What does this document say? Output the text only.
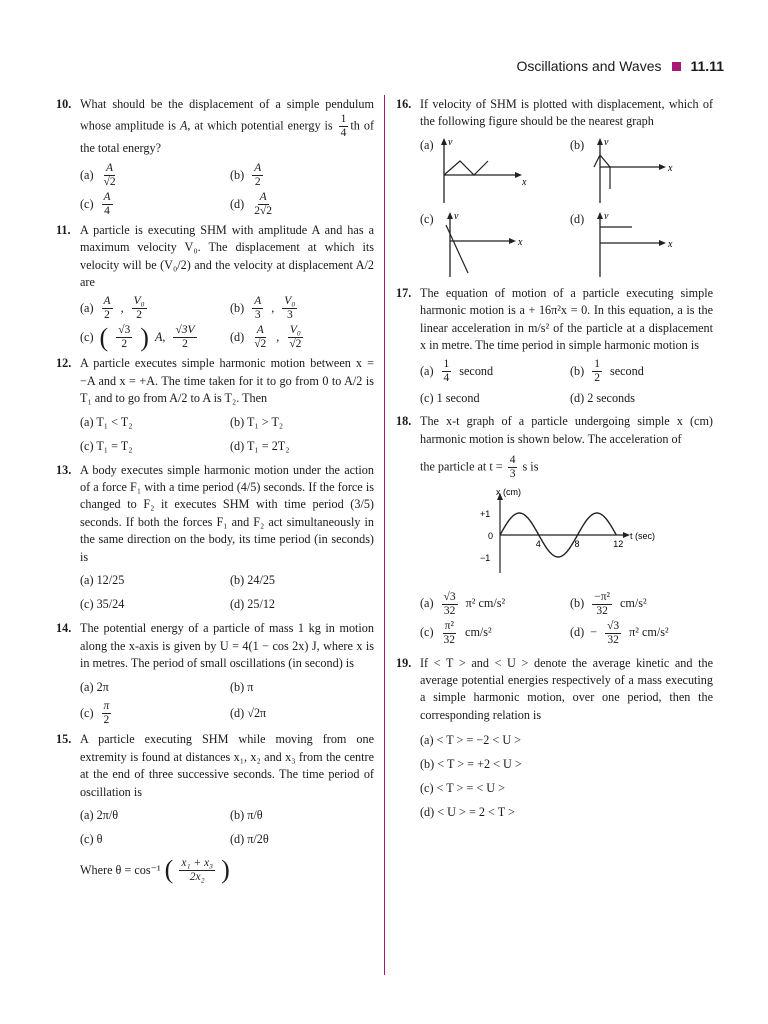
Oscillations and Waves 11.11
10. What should be the displacement of a simple pendulum whose amplitude is A, at which potential energy is $\frac{1}{4}$ th of the total energy?
$(a) \frac{A}{√2}$	$(b) \frac{A}{2}$
$(c) \frac{A}{4}$	$(d) \frac{A}{2√2}$
11. A particle is executing SHM with amplitude A and has a maximum velocity V₀. The displacement at which its velocity will be (V₀/2) and the velocity at displacement A/2 are
$(a) \frac{A}{2}$ , $\frac{\text{V₀}}{2}$	$(b) \frac{A}{3}$ , $\frac{\text{V₀}}{3}$
(c) ( $\frac{√3}{2}$ ) A, $\frac{√3V}{2}$	$(d) \frac{A}{√2}$ , $\frac{\text{V₀}}{√2}$
12. A particle executes simple harmonic motion between x = −A and x = +A. The time taken for it to go from 0 to A/2 is T₁ and to go from A/2 to A is T₂. Then
(a) T₁ < T₂	(b) T₁ > T₂
(c) T₁ = T₂	(d) T₁ = 2T₂
13. A body executes simple harmonic motion under the action of a force F₁ with a time period (4/5) seconds. If the force is changed to F₂ it executes SHM with time period (3/5) seconds. If both the forces F₁ and F₂ act simultaneously in the same direction on the body, its time period (in seconds) is
(a) 12/25	(b) 24/25
(c) 35/24	(d) 25/12
14. The potential energy of a particle of mass 1 kg in motion along the x-axis is given by U = 4(1 − cos 2x) J, where x is in metres. The period of small oscillations (in second) is
(a) 2π	(b) π
$(c) \frac{\pi}{2}$	(d) √2π
15. A particle executing SHM while moving from one extremity is found at distances x₁, x₂ and x₃ from the centre at the end of three successive seconds. The time period of oscillation is
(a) 2π/θ	(b) π/θ
(c) θ	(d) π/2θ
Where θ = cos⁻¹ ( $\frac{\text{x₁ + x₃}}{\text{2x₂}}$ )
16. If velocity of SHM is plotted with displacement, which of the following figure should be the nearest graph
(a) v
x
(b) v
x
(c) v
x
(d) v
x
17. The equation of motion of a particle executing simple harmonic motion is a + 16π²x = 0. In this equation, a is the linear acceleration in m/s² of the particle at a displacement x in metre. The time period in simple harmonic motion is
$(a) \frac{1}{4}$ second	$(b) \frac{1}{2}$ second
(c) 1 second	(d) 2 seconds
18. The x-t graph of a particle undergoing simple x (cm) harmonic motion is shown below. The acceleration of
the particle at $t = \frac{4}{3}$ s is
x (cm)
t (sec)
+1
0
−1
4	8	12
$(a) \frac{√3}{32} \pi^2$ cm/s²	$(b) \frac{\text{−π²}}{32} cm/s^2$
$(c) \frac{\text{π²}}{32} cm/s^2$	$(d) - \frac{√3}{32} \pi^2$ cm/s²
19. If < T > and < U > denote the average kinetic and the average potential energies respectively of a mass executing a simple harmonic motion, over one period, then the corresponding relation is
(a) < T > = −2 < U >
(b) < T > = +2 < U >
(c) < T > = < U >
(d) < U > = 2 < T >
